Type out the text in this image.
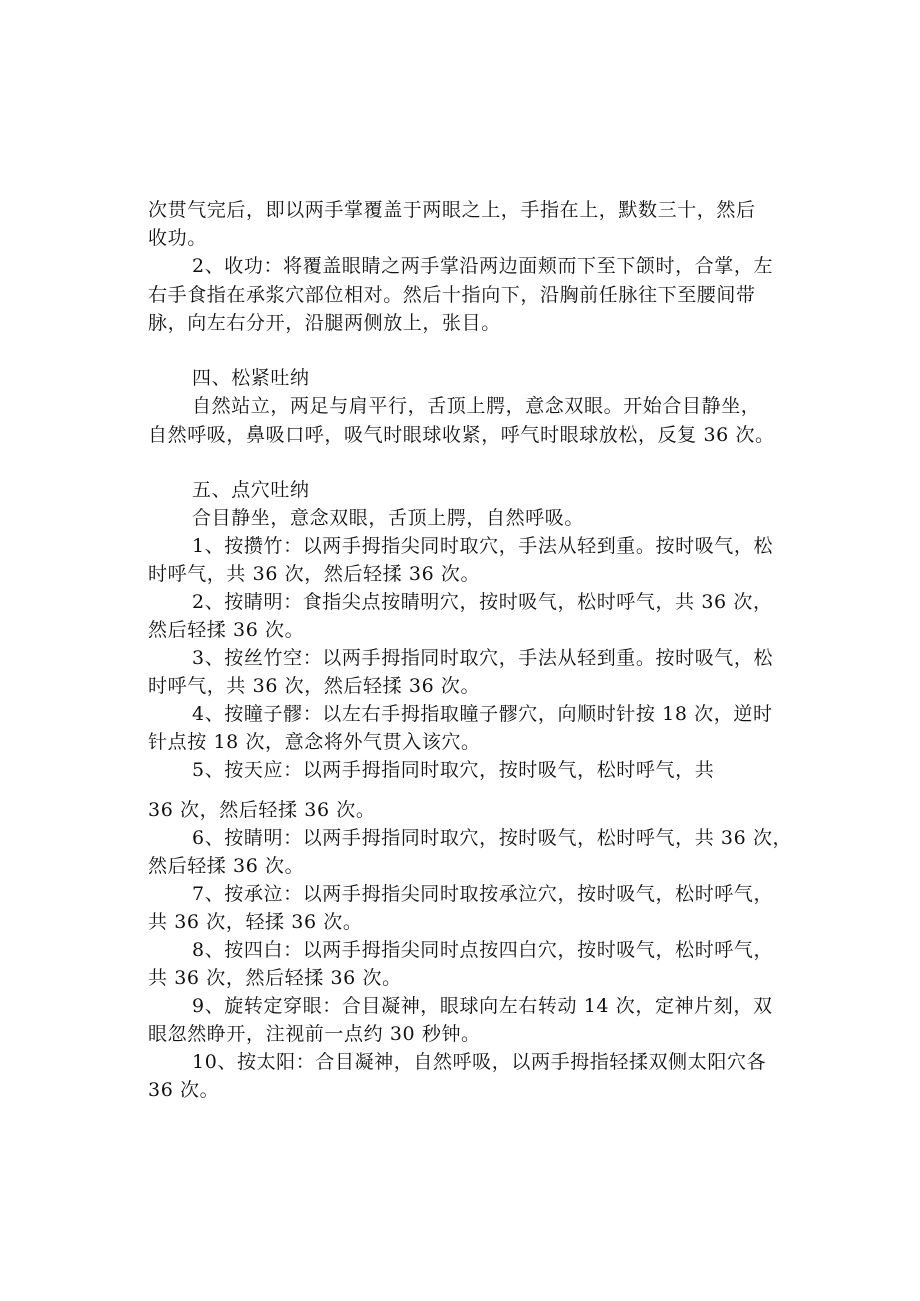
次贯气完后，即以两手掌覆盖于两眼之上，手指在上，默数三十，然后
收功。
2、收功：将覆盖眼睛之两手掌沿两边面颊而下至下颌时，合掌，左
右手食指在承浆穴部位相对。然后十指向下，沿胸前任脉往下至腰间带
脉，向左右分开，沿腿两侧放上，张目。
四、松紧吐纳
自然站立，两足与肩平行，舌顶上腭，意念双眼。开始合目静坐，
自然呼吸，鼻吸口呼，吸气时眼球收紧，呼气时眼球放松，反复 36 次。
五、点穴吐纳
合目静坐，意念双眼，舌顶上腭，自然呼吸。
1、按攒竹：以两手拇指尖同时取穴，手法从轻到重。按时吸气，松
时呼气，共 36 次，然后轻揉 36 次。
2、按睛明：食指尖点按睛明穴，按时吸气，松时呼气，共 36 次，
然后轻揉 36 次。
3、按丝竹空：以两手拇指同时取穴，手法从轻到重。按时吸气，松
时呼气，共 36 次，然后轻揉 36 次。
4、按瞳子髎：以左右手拇指取瞳子髎穴，向顺时针按 18 次，逆时
针点按 18 次，意念将外气贯入该穴。
5、按天应：以两手拇指同时取穴，按时吸气，松时呼气，共
36 次，然后轻揉 36 次。
6、按睛明：以两手拇指同时取穴，按时吸气，松时呼气，共 36 次，
然后轻揉 36 次。
7、按承泣：以两手拇指尖同时取按承泣穴，按时吸气，松时呼气，
共 36 次，轻揉 36 次。
8、按四白：以两手拇指尖同时点按四白穴，按时吸气，松时呼气，
共 36 次，然后轻揉 36 次。
9、旋转定穿眼：合目凝神，眼球向左右转动 14 次，定神片刻，双
眼忽然睁开，注视前一点约 30 秒钟。
10、按太阳：合目凝神，自然呼吸，以两手拇指轻揉双侧太阳穴各
36 次。
